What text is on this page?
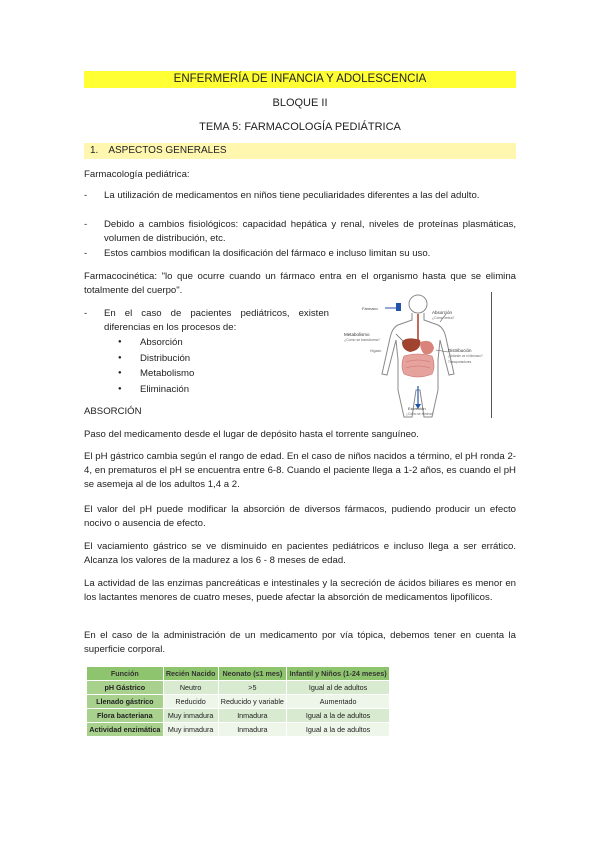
ENFERMERÍA DE INFANCIA Y ADOLESCENCIA
BLOQUE II
TEMA 5: FARMACOLOGÍA PEDIÁTRICA
1. ASPECTOS GENERALES
Farmacología pediátrica:
- La utilización de medicamentos en niños tiene peculiaridades diferentes a las del adulto.
- Debido a cambios fisiológicos: capacidad hepática y renal, niveles de proteínas plasmáticas, volumen de distribución, etc.
- Estos cambios modifican la dosificación del fármaco e incluso limitan su uso.
Farmacocinética: "lo que ocurre cuando un fármaco entra en el organismo hasta que se elimina totalmente del cuerpo".
- En el caso de pacientes pediátricos, existen diferencias en los procesos de:
● Absorción
● Distribución
● Metabolismo
● Eliminación
Fármaco
Absorción
¿Cómo entra?
Metabolismo
¿Cómo se transforma?
Hígado	Distribución
¿Adónde va el fármaco?
Transportadores
Excreción
¿Cómo se elimina?
ABSORCIÓN
Paso del medicamento desde el lugar de depósito hasta el torrente sanguíneo.
El pH gástrico cambia según el rango de edad. En el caso de niños nacidos a término, el pH ronda 2-4, en prematuros el pH se encuentra entre 6-8. Cuando el paciente llega a 1-2 años, es cuando el pH se asemeja al de los adultos 1,4 a 2.
El valor del pH puede modificar la absorción de diversos fármacos, pudiendo producir un efecto nocivo o ausencia de efecto.
El vaciamiento gástrico se ve disminuido en pacientes pediátricos e incluso llega a ser errático. Alcanza los valores de la madurez a los 6 - 8 meses de edad.
La actividad de las enzimas pancreáticas e intestinales y la secreción de ácidos biliares es menor en los lactantes menores de cuatro meses, puede afectar la absorción de medicamentos lipofílicos.
En el caso de la administración de un medicamento por vía tópica, debemos tener en cuenta la superficie corporal.
Función	Recién Nacido	Neonato (≤1 mes)	Infantil y Niños (1-24 meses)
pH Gástrico	Neutro	>5	Igual al de adultos
Llenado gástrico	Reducido	Reducido y variable	Aumentado
Flora bacteriana	Muy inmadura	Inmadura	Igual a la de adultos
Actividad enzimática	Muy inmadura	Inmadura	Igual a la de adultos
